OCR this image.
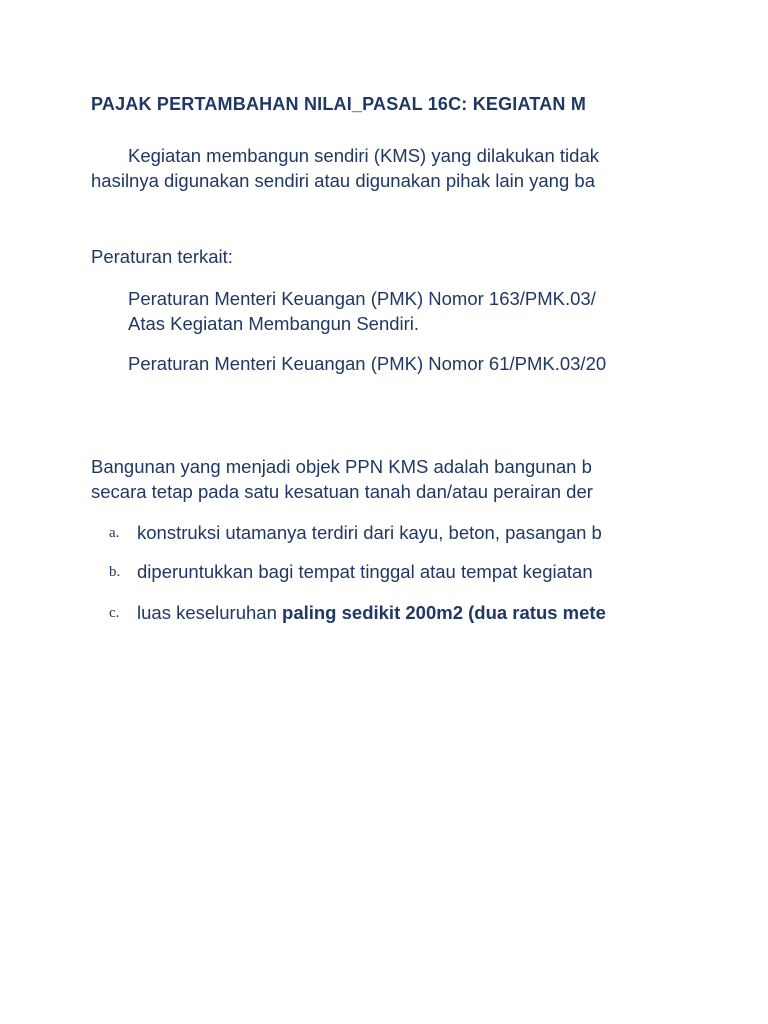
PAJAK PERTAMBAHAN NILAI_PASAL 16C: KEGIATAN M
Kegiatan membangun sendiri (KMS) yang dilakukan tidak
hasilnya digunakan sendiri atau digunakan pihak lain yang ba
Peraturan terkait:
Peraturan Menteri Keuangan (PMK) Nomor 163/PMK.03/
Atas Kegiatan Membangun Sendiri.
Peraturan Menteri Keuangan (PMK) Nomor 61/PMK.03/20
Bangunan yang menjadi objek PPN KMS adalah bangunan b
secara tetap pada satu kesatuan tanah dan/atau perairan der
a. konstruksi utamanya terdiri dari kayu, beton, pasangan b
b. diperuntukkan bagi tempat tinggal atau tempat kegiatan
c. luas keseluruhan paling sedikit 200m2 (dua ratus mete
